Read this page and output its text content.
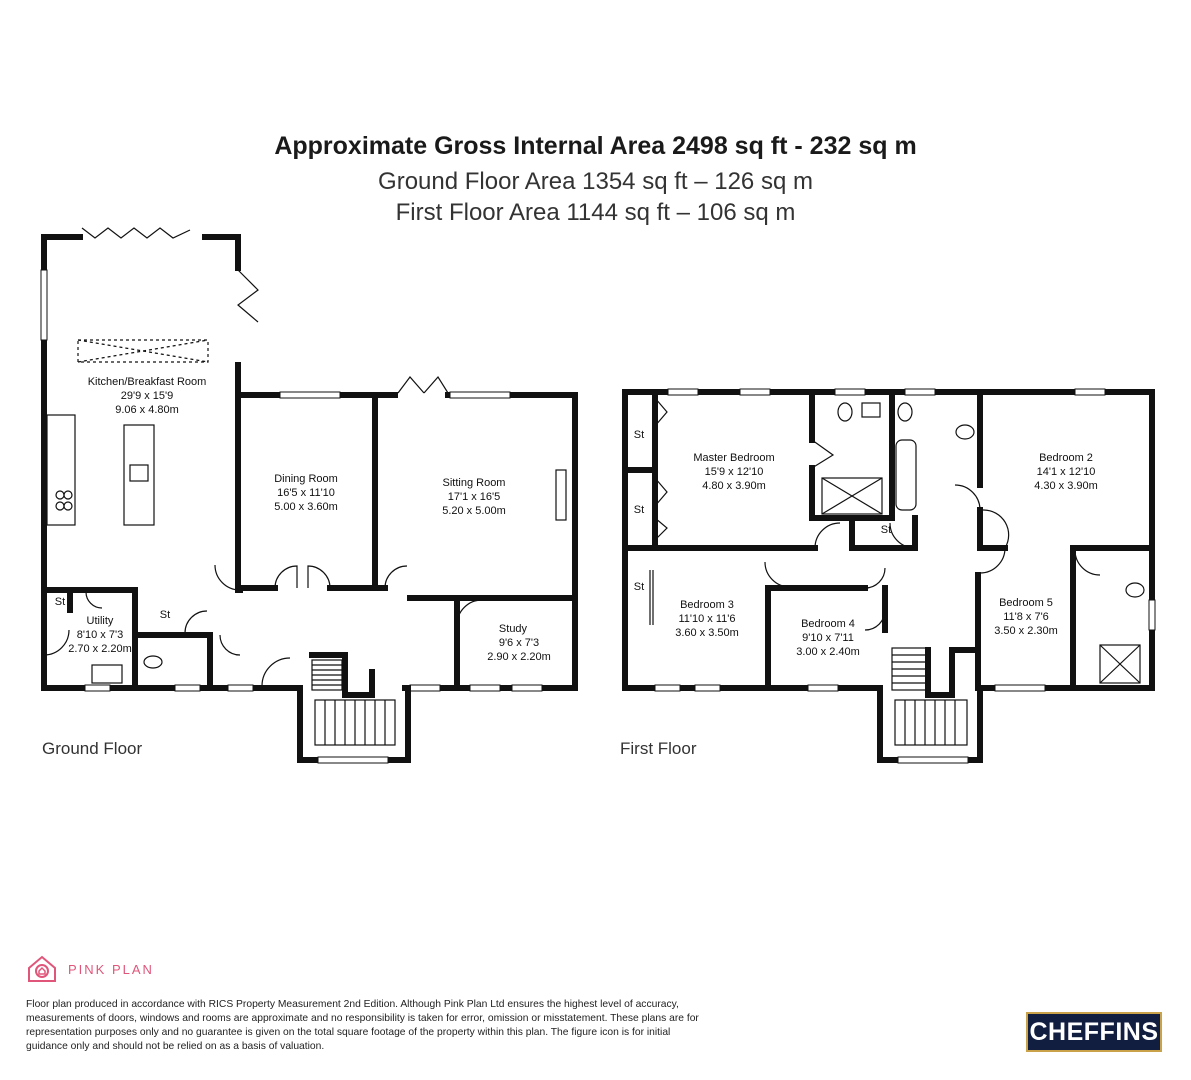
Approximate Gross Internal Area 2498 sq ft - 232 sq m
Ground Floor Area 1354 sq ft – 126 sq m
First Floor Area 1144 sq ft – 106 sq m
Kitchen/Breakfast Room
29'9 x 15'9
9.06 x 4.80m
Dining Room
16'5 x 11'10
5.00 x 3.60m
Sitting Room
17'1 x 16'5
5.20 x 5.00m
Study
9'6 x 7'3
2.90 x 2.20m
Utility
8'10 x 7'3
2.70 x 2.20m
St
St
Master Bedroom
15'9 x 12'10
4.80 x 3.90m
Bedroom 2
14'1 x 12'10
4.30 x 3.90m
Bedroom 3
11'10 x 11'6
3.60 x 3.50m
Bedroom 4
9'10 x 7'11
3.00 x 2.40m
Bedroom 5
11'8 x 7'6
3.50 x 2.30m
St
St
St
St
Ground Floor	First Floor
PINK PLAN
Floor plan produced in accordance with RICS Property Measurement 2nd Edition. Although Pink Plan Ltd ensures the highest level of accuracy, measurements of doors, windows and rooms are approximate and no responsibility is taken for error, omission or misstatement. These plans are for representation purposes only and no guarantee is given on the total square footage of the property within this plan. The figure icon is for initial guidance only and should not be relied on as a basis of valuation.
CHEFFINS
